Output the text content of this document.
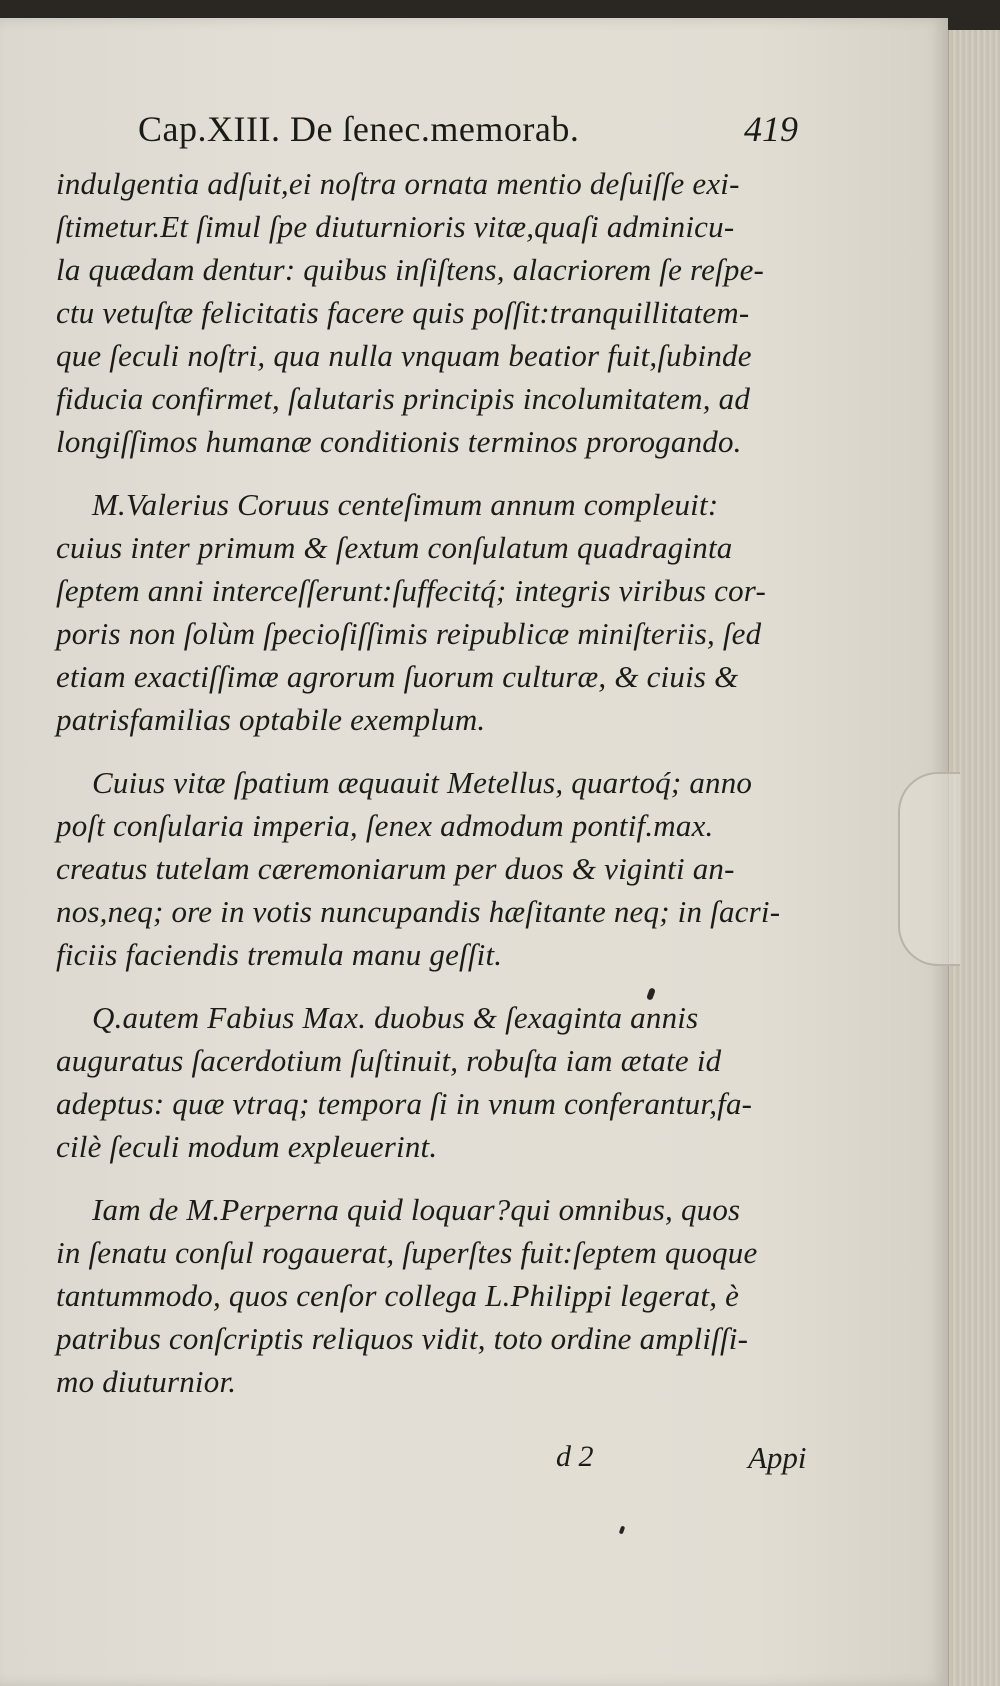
Cap.XIII. De ſenec.memorab.	419
indulgentia adſuit,ei noſtra ornata mentio deſuiſſe exi-
ſtimetur.Et ſimul ſpe diuturnioris vitæ,quaſi adminicu-
la quædam dentur: quibus inſiſtens, alacriorem ſe reſpe-
ctu vetuſtæ felicitatis facere quis poſſit:tranquillitatem-
que ſeculi noſtri, qua nulla vnquam beatior fuit,ſubinde
fiducia confirmet, ſalutaris principis incolumitatem, ad
longiſſimos humanæ conditionis terminos prorogando.
M.Valerius Coruus centeſimum annum compleuit:
cuius inter primum & ſextum conſulatum quadraginta
ſeptem anni interceſſerunt:ſuffecitq́; integris viribus cor-
poris non ſolùm ſpecioſiſſimis reipublicæ miniſteriis, ſed
etiam exactiſſimæ agrorum ſuorum culturæ, & ciuis &
patrisfamilias optabile exemplum.
Cuius vitæ ſpatium æquauit Metellus, quartoq́; anno
poſt conſularia imperia, ſenex admodum pontif.max.
creatus tutelam cæremoniarum per duos & viginti an-
nos,neq; ore in votis nuncupandis hæſitante neq; in ſacri-
ficiis faciendis tremula manu geſſit.
Q.autem Fabius Max. duobus & ſexaginta annis
auguratus ſacerdotium ſuſtinuit, robuſta iam ætate id
adeptus: quæ vtraq; tempora ſi in vnum conferantur,fa-
cilè ſeculi modum expleuerint.
Iam de M.Perperna quid loquar?qui omnibus, quos
in ſenatu conſul rogauerat, ſuperſtes fuit:ſeptem quoque
tantummodo, quos cenſor collega L.Philippi legerat, è
patribus conſcriptis reliquos vidit, toto ordine ampliſſi-
mo diuturnior.
d 2	Appi
